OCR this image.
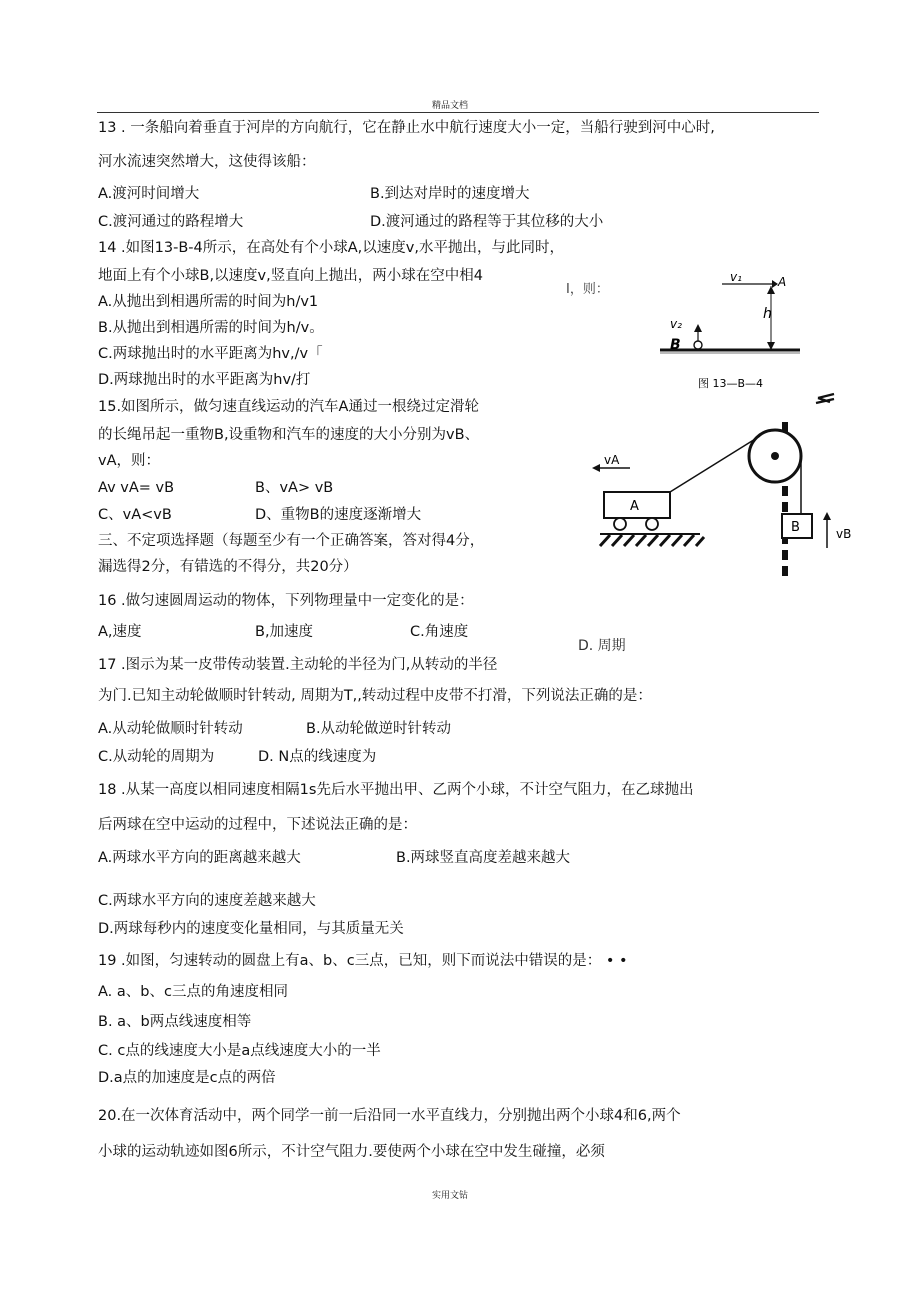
精品文档
13 . 一条船向着垂直于河岸的方向航行，它在静止水中航行速度大小一定，当船行驶到河中心时,
河水流速突然增大，这使得该船：
A.渡河时间增大	B.到达对岸时的速度增大
C.渡河通过的路程增大	D.渡河通过的路程等于其位移的大小
14 .如图13-B-4所示，在高处有个小球A,以速度v,水平抛出，与此同时，
地面上有个小球B,以速度v,竖直向上抛出，两小球在空中相4
I，则：
A.从抛出到相遇所需的时间为h/v1
B.从抛出到相遇所需的时间为h/v。
C.两球抛出时的水平距离为hv,/v「
D.两球抛出时的水平距离为hv/打
v₁	A
h
v₂
B
图 13—B—4
15.如图所示，做匀速直线运动的汽车A通过一根绕过定滑轮
的长绳吊起一重物B,设重物和汽车的速度的大小分别为vB、
vA，则：
Av vA= vB	B、vA> vB
C、vA<vB	D、重物B的速度逐渐增大
A
vA
B	vB
三、不定项选择题（每题至少有一个正确答案，答对得4分，
漏选得2分，有错选的不得分，共20分）
16 .做匀速圆周运动的物体，下列物理量中一定变化的是：
A,速度	B,加速度	C.角速度
D. 周期
17 .图示为某一皮带传动装置.主动轮的半径为门,从转动的半径
为门.已知主动轮做顺时针转动, 周期为T,,转动过程中皮带不打滑，下列说法正确的是：
A.从动轮做顺时针转动	B.从动轮做逆时针转动
C.从动轮的周期为	D. N点的线速度为
18 .从某一高度以相同速度相隔1s先后水平抛出甲、乙两个小球，不计空气阻力，在乙球抛出
后两球在空中运动的过程中，下述说法正确的是：
A.两球水平方向的距离越来越大	B.两球竖直高度差越来越大
C.两球水平方向的速度差越来越大
D.两球每秒内的速度变化量相同，与其质量无关
19 .如图，匀速转动的圆盘上有a、b、c三点，已知，则下而说法中错误的是： • •
A. a、b、c三点的角速度相同
B. a、b两点线速度相等
C. c点的线速度大小是a点线速度大小的一半
D.a点的加速度是c点的两倍
20.在一次体育活动中，两个同学一前一后沿同一水平直线力，分别抛出两个小球4和6,两个
小球的运动轨迹如图6所示，不计空气阻力.要使两个小球在空中发生碰撞，必须
实用文钻
